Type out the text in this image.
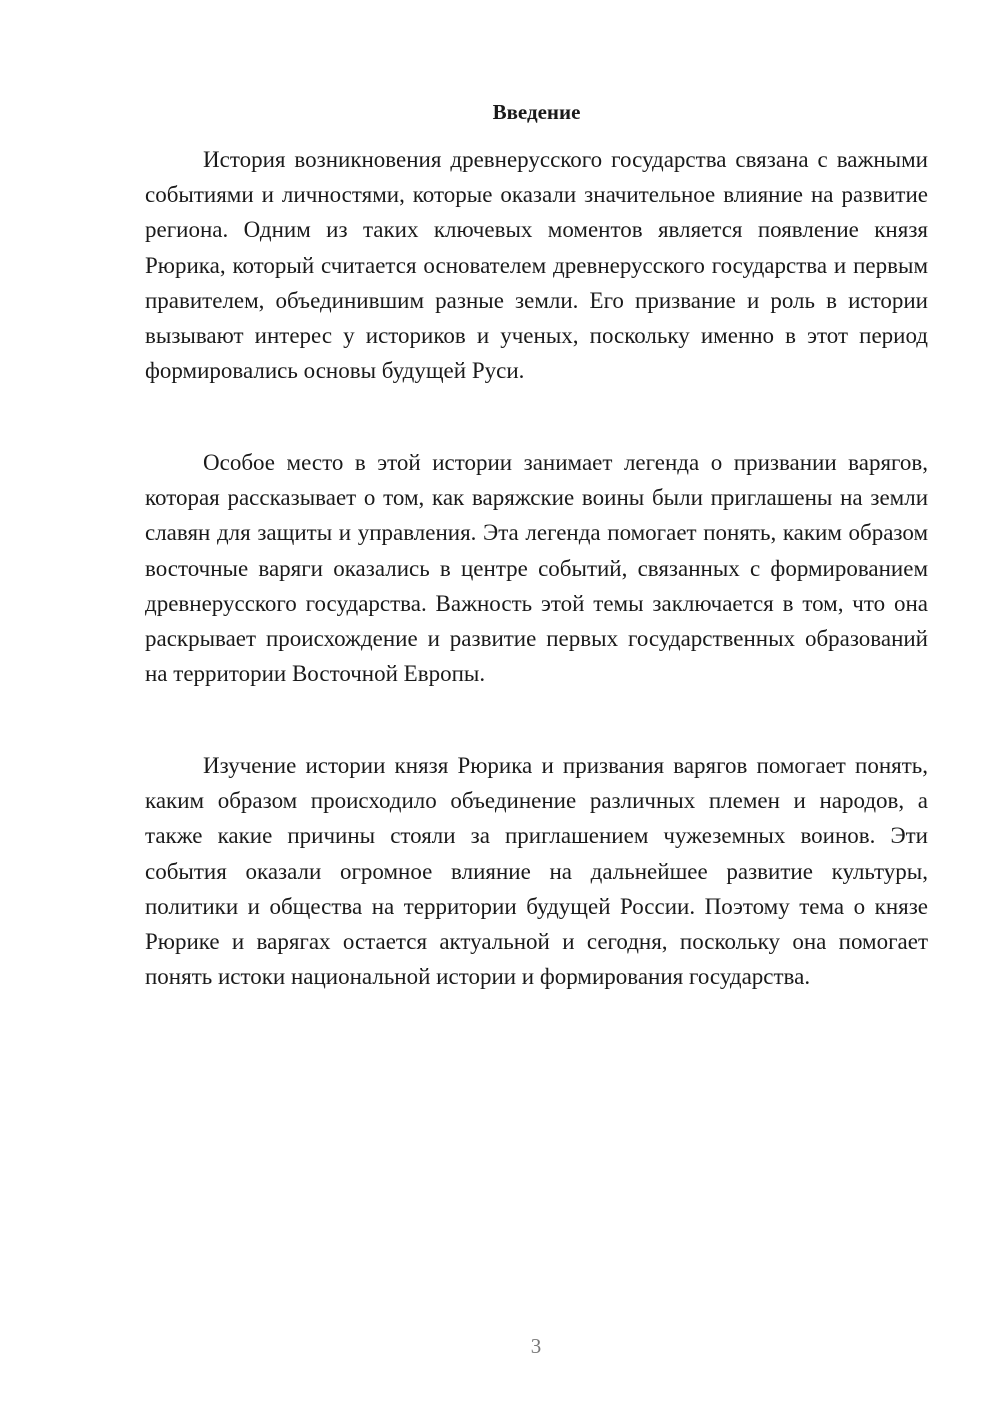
Введение

История возникновения древнерусского государства связана с важными событиями и личностями, которые оказали значительное влияние на развитие региона. Одним из таких ключевых моментов является появление князя Рюрика, который считается основателем древнерусского государства и первым правителем, объединившим разные земли. Его призвание и роль в истории вызывают интерес у историков и ученых, поскольку именно в этот период формировались основы будущей Руси.

Особое место в этой истории занимает легенда о призвании варягов, которая рассказывает о том, как варяжские воины были приглашены на земли славян для защиты и управления. Эта легенда помогает понять, каким образом восточные варяги оказались в центре событий, связанных с формированием древнерусского государства. Важность этой темы заключается в том, что она раскрывает происхождение и развитие первых государственных образований на территории Восточной Европы.

Изучение истории князя Рюрика и призвания варягов помогает понять, каким образом происходило объединение различных племен и народов, а также какие причины стояли за приглашением чужеземных воинов. Эти события оказали огромное влияние на дальнейшее развитие культуры, политики и общества на территории будущей России. Поэтому тема о князе Рюрике и варягах остается актуальной и сегодня, поскольку она помогает понять истоки национальной истории и формирования государства.

3
